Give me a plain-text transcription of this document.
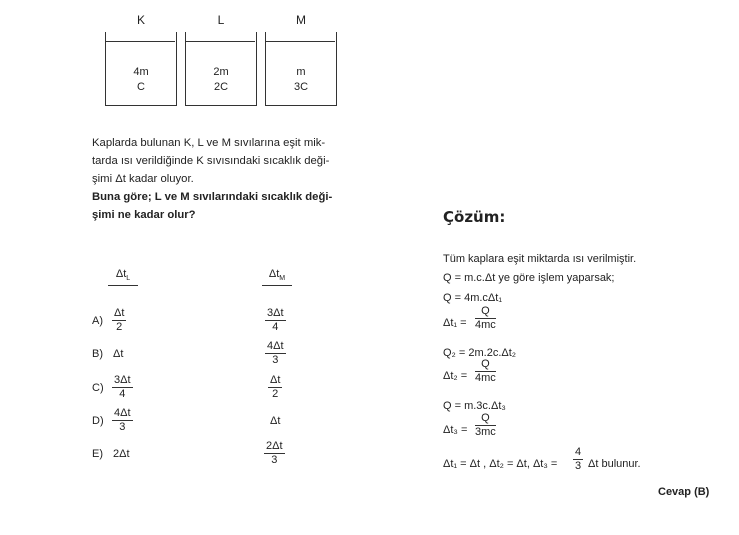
K	L	M
4m
C
2m
2C
m
3C
Kaplarda bulunan K, L ve M sıvılarına eşit mik-
tarda ısı verildiğinde K sıvısındaki sıcaklık deği-
şimi Δt kadar oluyor.
Buna göre; L ve M sıvılarındaki sıcaklık deği-
şimi ne kadar olur?
$\Delta t_L$	$\Delta t_M$
$A) \frac{\Delta t}{2}$	$\frac{3\Delta t}{4}$
B) Δt	$\frac{4\Delta t}{3}$
$C) \frac{3\Delta t}{4}$	$\frac{\Delta t}{2}$
$D) \frac{4\Delta t}{3}$	Δt
E) 2Δt	$\frac{2\Delta t}{3}$
Çözüm:
Tüm kaplara eşit miktarda ısı verilmiştir.
Q = m.c.Δt ye göre işlem yaparsak;
Q = 4m.cΔt₁
$\Delta t_1 = \frac{Q}{4mc}$
Q₂ = 2m.2c.Δt₂
$\Delta t_2 = \frac{Q}{4mc}$
Q = m.3c.Δt₃
$\Delta t_3 = \frac{Q}{3mc}$
Δt₁ = Δt , Δt₂ = Δt, $\Delta t_3 = \frac{4}{3}$ Δt bulunur.
Cevap (B)
